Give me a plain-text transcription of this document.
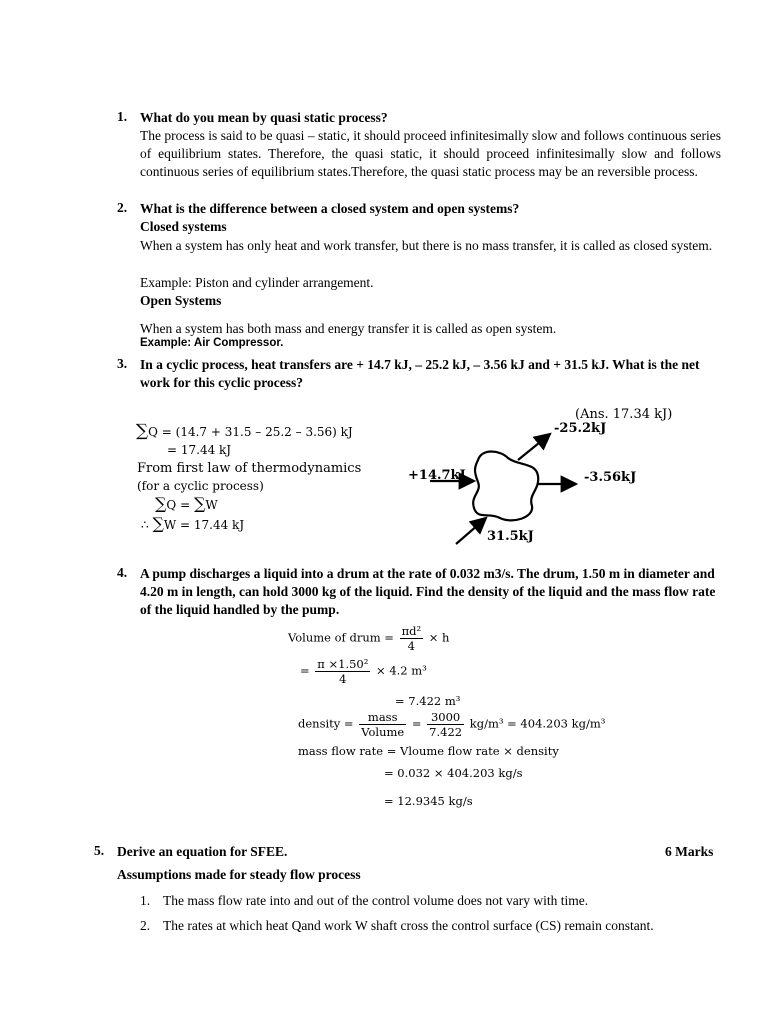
1. What do you mean by quasi static process?
The process is said to be quasi – static, it should proceed infinitesimally slow and follows continuous series of equilibrium states. Therefore, the quasi static, it should proceed infinitesimally slow and follows continuous series of equilibrium states.Therefore, the quasi static process may be an reversible process.
2. What is the difference between a closed system and open systems?
Closed systems
When a system has only heat and work transfer, but there is no mass transfer, it is called as closed system.
Example: Piston and cylinder arrangement.
Open Systems
When a system has both mass and energy transfer it is called as open system.
Example: Air Compressor.
3. In a cyclic process, heat transfers are + 14.7 kJ, – 25.2 kJ, – 3.56 kJ and + 31.5 kJ. What is the net work for this cyclic process?
∑Q = (14.7 + 31.5 – 25.2 – 3.56) kJ
= 17.44 kJ
From first law of thermodynamics
(for a cyclic process)
∑Q = ∑W
∴ ∑W = 17.44 kJ
(Ans. 17.34 kJ)
-25.2kJ
+14.7kJ	-3.56kJ
31.5kJ
4. A pump discharges a liquid into a drum at the rate of 0.032 m3/s. The drum, 1.50 m in diameter and 4.20 m in length, can hold 3000 kg of the liquid. Find the density of the liquid and the mass flow rate of the liquid handled by the pump.
Volume of drum = $\frac{\text{πd²}}{4} \times h$
= $\frac{\text{π ×1.50²}}{4} \times 4.2$ m³
= 7.422 m³
density = $\frac{\text{mass}}{\text{Volume}} = \frac{3000}{7.422} kg/m^3 = 404.203$ kg/m³
mass flow rate = Vloume flow rate × density
= 0.032 × 404.203 kg/s
= 12.9345 kg/s
5. Derive an equation for SFEE.	6 Marks
Assumptions made for steady flow process
1. The mass flow rate into and out of the control volume does not vary with time.
2. The rates at which heat Qand work W shaft cross the control surface (CS) remain constant.
